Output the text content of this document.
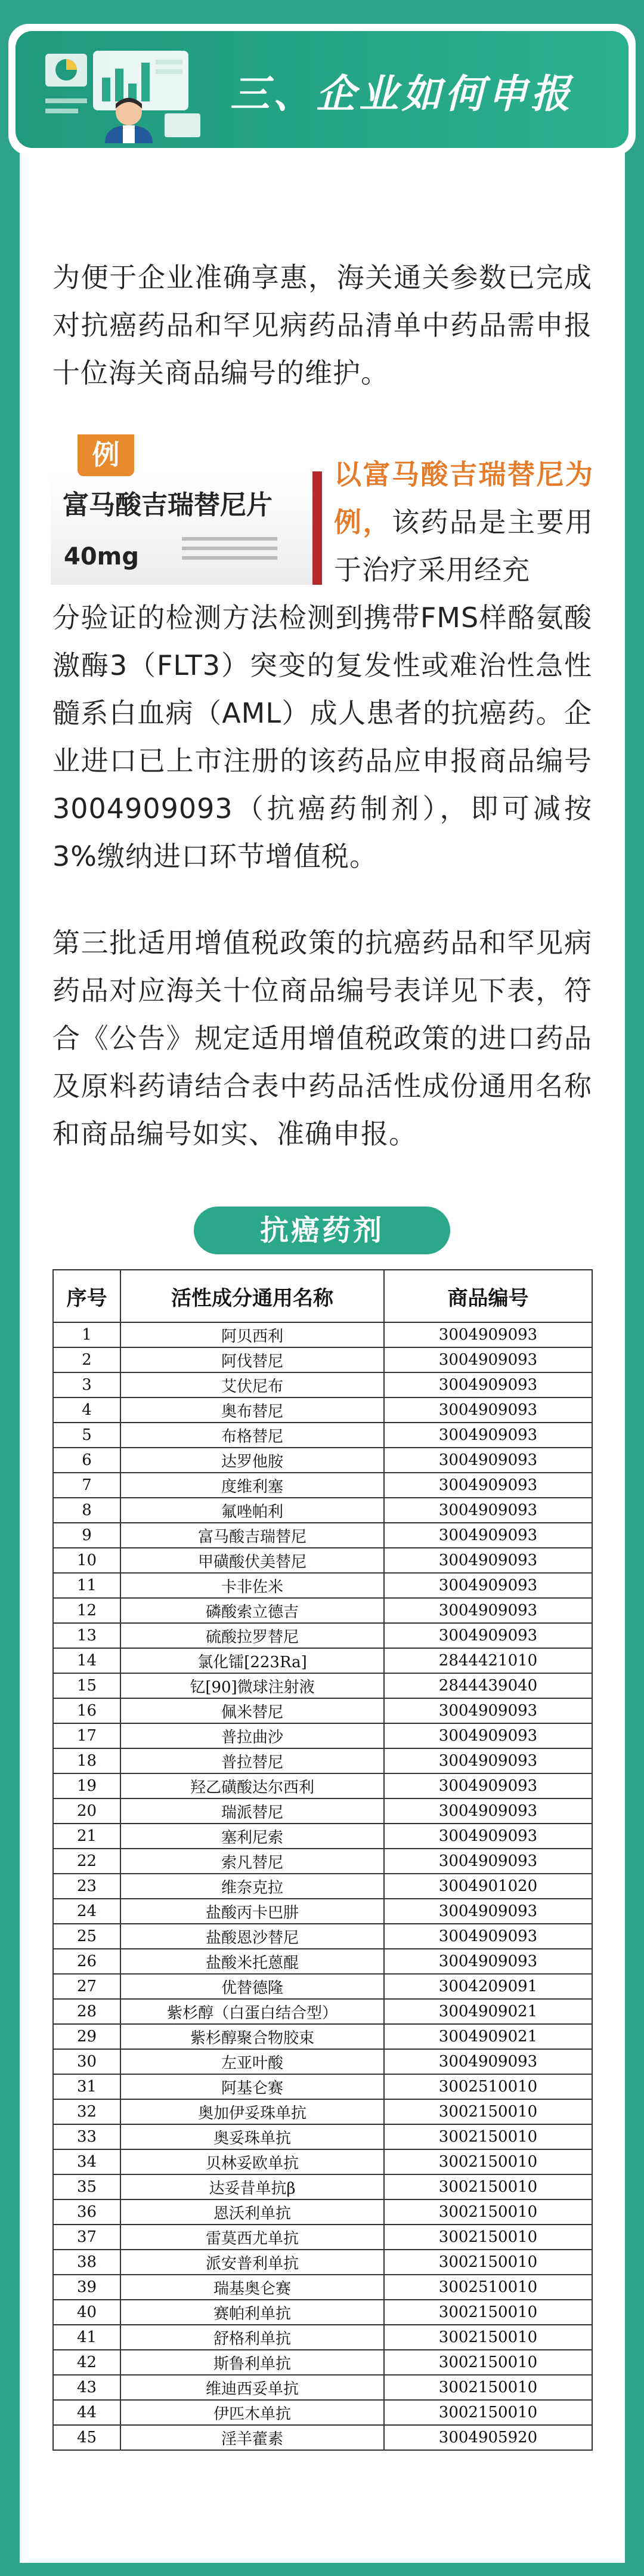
三、企业如何申报
为便于企业准确享惠，海关通关参数已完成对抗癌药品和罕见病药品清单中药品需申报十位海关商品编号的维护。
富马酸吉瑞替尼片
40mg
例
以富马酸吉瑞替尼为例，该药品是主要用于治疗采用经充
分验证的检测方法检测到携带FMS样酪氨酸激酶3（FLT3）突变的复发性或难治性急性髓系白血病（AML）成人患者的抗癌药。企业进口已上市注册的该药品应申报商品编号3004909093（抗癌药制剂），即可减按3%缴纳进口环节增值税。
第三批适用增值税政策的抗癌药品和罕见病药品对应海关十位商品编号表详见下表，符合《公告》规定适用增值税政策的进口药品及原料药请结合表中药品活性成份通用名称和商品编号如实、准确申报。
抗癌药剂
序号	活性成分通用名称	商品编号
1	阿贝西利	3004909093
2	阿伐替尼	3004909093
3	艾伏尼布	3004909093
4	奥布替尼	3004909093
5	布格替尼	3004909093
6	达罗他胺	3004909093
7	度维利塞	3004909093
8	氟唑帕利	3004909093
9	富马酸吉瑞替尼	3004909093
10	甲磺酸伏美替尼	3004909093
11	卡非佐米	3004909093
12	磷酸索立德吉	3004909093
13	硫酸拉罗替尼	3004909093
14	氯化镭[223Ra]	2844421010
15	钇[90]微球注射液	2844439040
16	佩米替尼	3004909093
17	普拉曲沙	3004909093
18	普拉替尼	3004909093
19	羟乙磺酸达尔西利	3004909093
20	瑞派替尼	3004909093
21	塞利尼索	3004909093
22	索凡替尼	3004909093
23	维奈克拉	3004901020
24	盐酸丙卡巴肼	3004909093
25	盐酸恩沙替尼	3004909093
26	盐酸米托蒽醌	3004909093
27	优替德隆	3004209091
28	紫杉醇（白蛋白结合型）	3004909021
29	紫杉醇聚合物胶束	3004909021
30	左亚叶酸	3004909093
31	阿基仑赛	3002510010
32	奥加伊妥珠单抗	3002150010
33	奥妥珠单抗	3002150010
34	贝林妥欧单抗	3002150010
35	达妥昔单抗β	3002150010
36	恩沃利单抗	3002150010
37	雷莫西尤单抗	3002150010
38	派安普利单抗	3002150010
39	瑞基奥仑赛	3002510010
40	赛帕利单抗	3002150010
41	舒格利单抗	3002150010
42	斯鲁利单抗	3002150010
43	维迪西妥单抗	3002150010
44	伊匹木单抗	3002150010
45	淫羊藿素	3004905920
